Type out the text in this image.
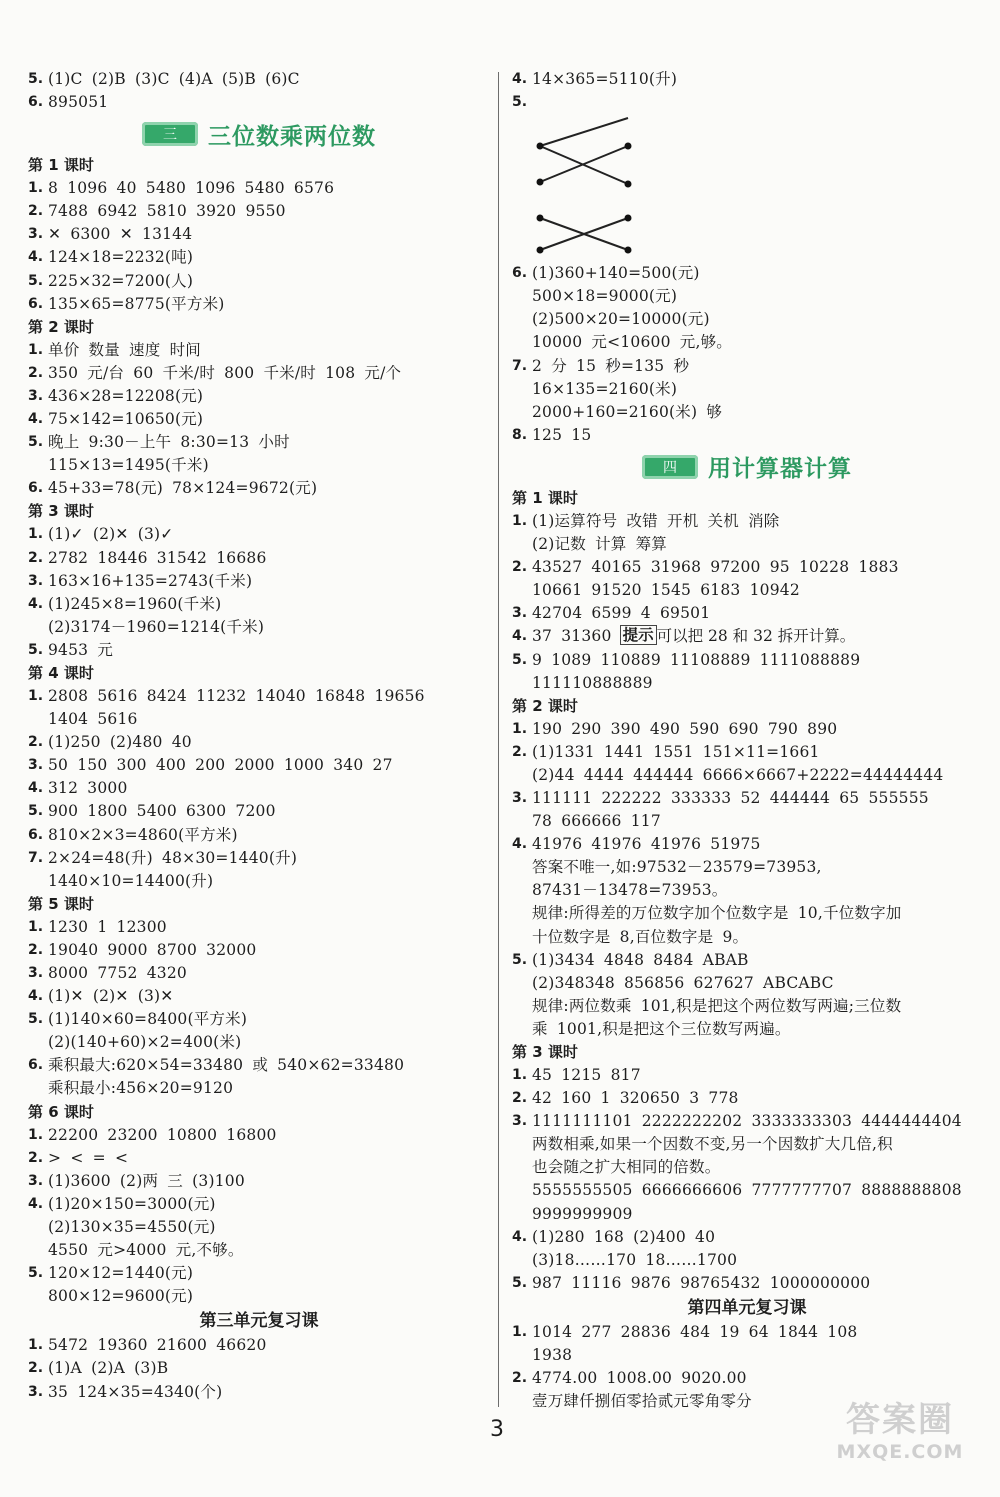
5. (1)C (2)B (3)C (4)A (5)B (6)C
6. 895051
三	三位数乘两位数
第 1 课时
1. 8 1096 40 5480 1096 5480 6576
2. 7488 6942 5810 3920 9550
3. ✕ 6300 ✕ 13144
4. 124×18=2232(吨)
5. 225×32=7200(人)
6. 135×65=8775(平方米)
第 2 课时
1. 单价 数量 速度 时间
2. 350 元/台 60 千米/时 800 千米/时 108 元/个
3. 436×28=12208(元)
4. 75×142=10650(元)
5. 晚上 9:30－上午 8:30=13 小时
115×13=1495(千米)
6. 45+33=78(元) 78×124=9672(元)
第 3 课时
1. (1)✓ (2)✕ (3)✓
2. 2782 18446 31542 16686
3. 163×16+135=2743(千米)
4. (1)245×8=1960(千米)
(2)3174－1960=1214(千米)
5. 9453 元
第 4 课时
1. 2808 5616 8424 11232 14040 16848 19656
1404 5616
2. (1)250 (2)480 40
3. 50 150 300 400 200 2000 1000 340 27
4. 312 3000
5. 900 1800 5400 6300 7200
6. 810×2×3=4860(平方米)
7. 2×24=48(升) 48×30=1440(升)
1440×10=14400(升)
第 5 课时
1. 1230 1 12300
2. 19040 9000 8700 32000
3. 8000 7752 4320
4. (1)✕ (2)✕ (3)✕
5. (1)140×60=8400(平方米)
(2)(140+60)×2=400(米)
6. 乘积最大:620×54=33480 或 540×62=33480
乘积最小:456×20=9120
第 6 课时
1. 22200 23200 10800 16800
2. > < = <
3. (1)3600 (2)两 三 (3)100
4. (1)20×150=3000(元)
(2)130×35=4550(元)
4550 元>4000 元,不够。
5. 120×12=1440(元)
800×12=9600(元)
第三单元复习课
1. 5472 19360 21600 46620
2. (1)A (2)A (3)B
3. 35 124×35=4340(个)
4. 14×365=5110(升)
5.
6. (1)360+140=500(元)
500×18=9000(元)
(2)500×20=10000(元)
10000 元<10600 元,够。
7. 2 分 15 秒=135 秒
16×135=2160(米)
2000+160=2160(米) 够
8. 125 15
四	用计算器计算
第 1 课时
1. (1)运算符号 改错 开机 关机 消除
(2)记数 计算 筹算
2. 43527 40165 31968 97200 95 10228 1883
10661 91520 1545 6183 10942
3. 42704 6599 4 69501
4. 37 31360 提示 可以把 28 和 32 拆开计算。
5. 9 1089 110889 11108889 1111088889
111110888889
第 2 课时
1. 190 290 390 490 590 690 790 890
2. (1)1331 1441 1551 151×11=1661
(2)44 4444 444444 6666×6667+2222=44444444
3. 111111 222222 333333 52 444444 65 555555
78 666666 117
4. 41976 41976 41976 51975
答案不唯一,如:97532－23579=73953,
87431－13478=73953。
规律:所得差的万位数字加个位数字是 10,千位数字加
十位数字是 8,百位数字是 9。
5. (1)3434 4848 8484 ABAB
(2)348348 856856 627627 ABCABC
规律:两位数乘 101,积是把这个两位数写两遍;三位数
乘 1001,积是把这个三位数写两遍。
第 3 课时
1. 45 1215 817
2. 42 160 1 320650 3 778
3. 1111111101 2222222202 3333333303 4444444404
两数相乘,如果一个因数不变,另一个因数扩大几倍,积
也会随之扩大相同的倍数。
5555555505 6666666606 7777777707 8888888808
9999999909
4. (1)280 168 (2)400 40
(3)18……170 18……1700
5. 987 11116 9876 98765432 1000000000
第四单元复习课
1. 1014 277 28836 484 19 64 1844 108
1938
2. 4774.00 1008.00 9020.00
壹万肆仟捌佰零拾贰元零角零分
3	答案圈
MXQE.COM
